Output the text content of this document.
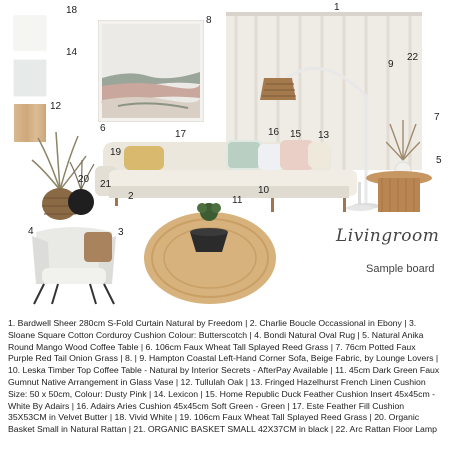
18
14
12
8
6
1
9
22
7
5
17	16 15 13
19
20 21
2
10
11
3
4	Livingroom
Sample board
1. Bardwell Sheer 280cm S-Fold Curtain Natural by Freedom | 2. Charlie Boucle Occassional in Ebony | 3. Sloane Square Cotton Corduroy Cushion Colour: Butterscotch | 4. Bondi Natural Oval Rug | 5. Natural Anika Round Mango Wood Coffee Table | 6. 106cm Faux Wheat Tall Splayed Reed Grass | 7. 76cm Potted Faux Purple Red Tail Onion Grass | 8. | 9. Hampton Coastal Left-Hand Corner Sofa, Beige Fabric, by Lounge Lovers | 10. Leska Timber Top Coffee Table - Natural by Interior Secrets - AfterPay Available | 11. 45cm Dark Green Faux Gumnut Native Arrangement in Glass Vase | 12. Tullulah Oak | 13. Fringed Hazelhurst French Linen Cushion Size: 50 x 50cm, Colour: Dusty Pink | 14. Lexicon | 15. Home Republic Duck Feather Cushion Insert 45x45cm - White By Adairs | 16. Adairs Aries Cushion 45x45cm Soft Green - Green | 17. Este Feather Fill Cushion 35X53CM in Velvet Butter | 18. Vivid White | 19. 106cm Faux Wheat Tall Splayed Reed Grass | 20. Organic Basket Small in Natural Rattan | 21. ORGANIC BASKET SMALL 42X37CM in black | 22. Arc Rattan Floor Lamp
